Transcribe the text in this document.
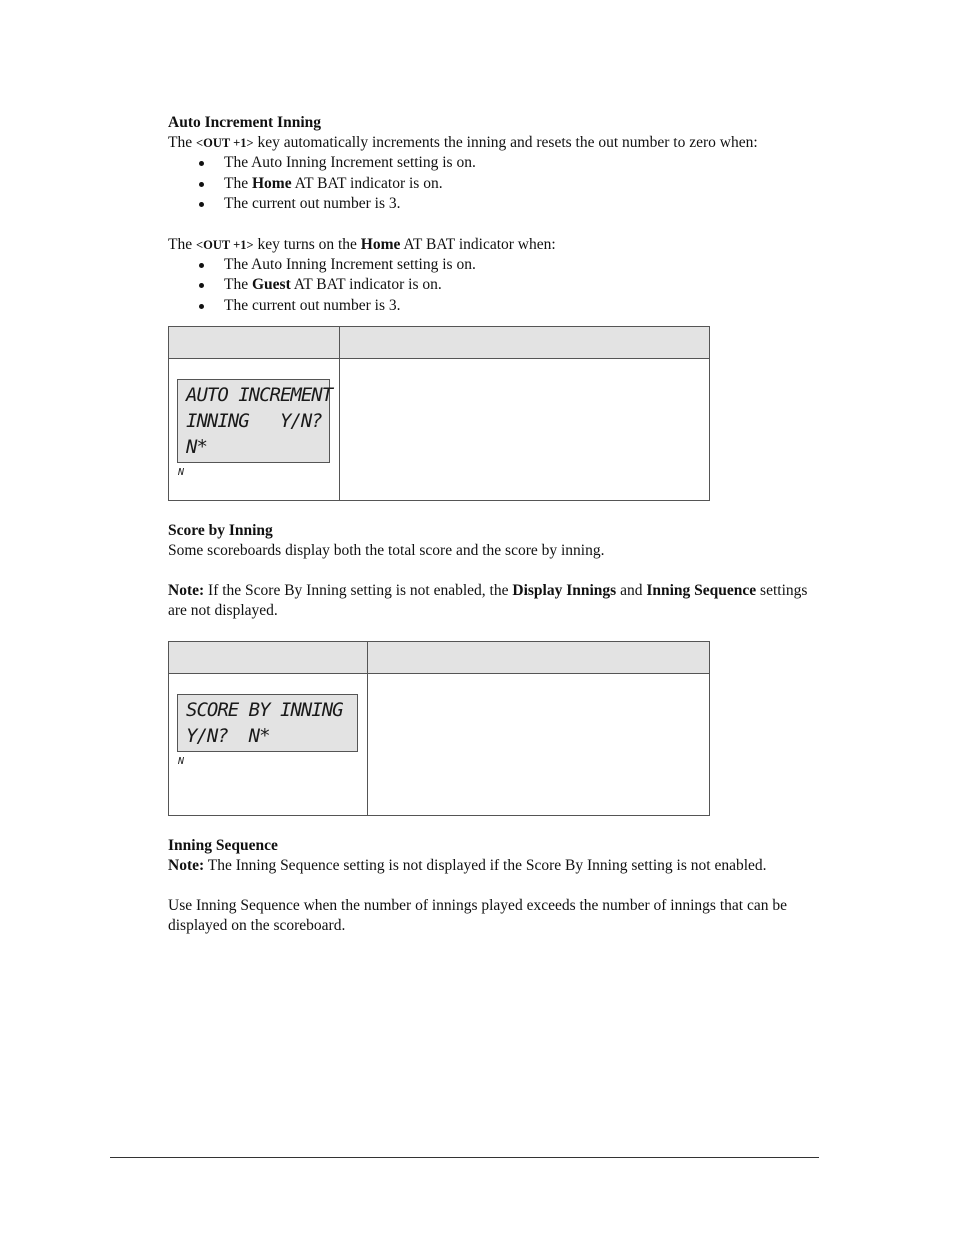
Auto Increment Inning

The <OUT +1> key automatically increments the inning and resets the out number to zero when:

The Auto Inning Increment setting is on.
The Home AT BAT indicator is on.
The current out number is 3.

The <OUT +1> key turns on the Home AT BAT indicator when:

The Auto Inning Increment setting is on.
The Guest AT BAT indicator is on.
The current out number is 3.

AUTO INCREMENT
INNING   Y/N?
N*
N	

Score by Inning

Some scoreboards display both the total score and the score by inning.

Note: If the Score By Inning setting is not enabled, the Display Innings and Inning Sequence settings are not displayed.

SCORE BY INNING
Y/N?  N*
N	

Inning Sequence

Note: The Inning Sequence setting is not displayed if the Score By Inning setting is not enabled.

Use Inning Sequence when the number of innings played exceeds the number of innings that can be displayed on the scoreboard.
